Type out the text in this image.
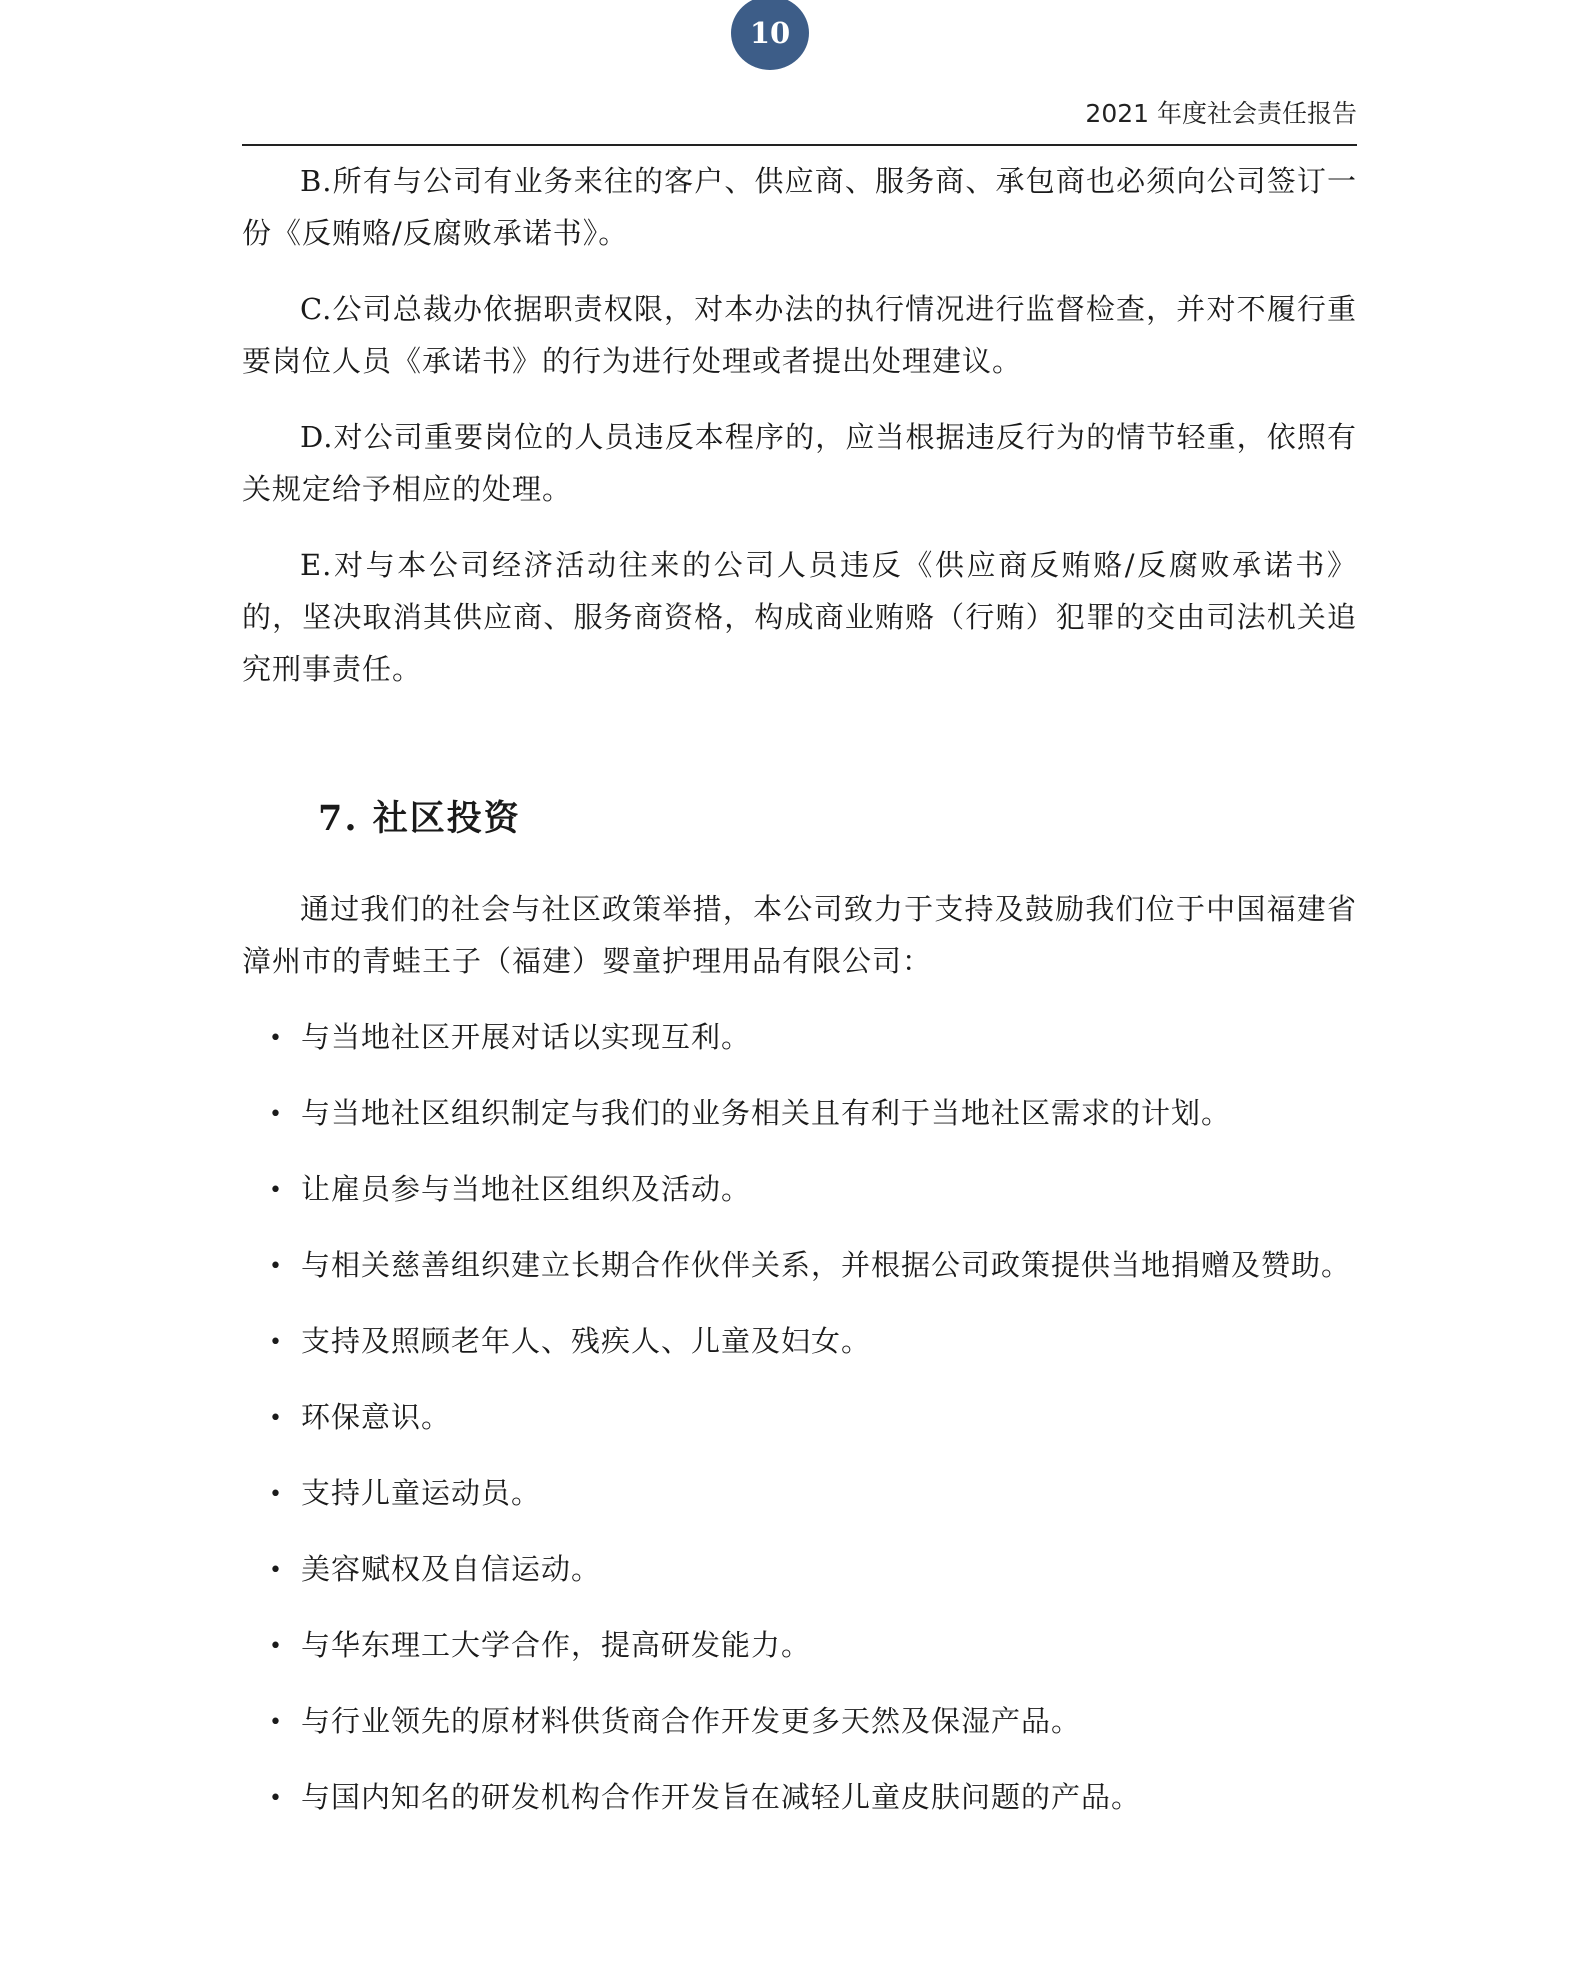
10
2021 年度社会责任报告

B.所有与公司有业务来往的客户、供应商、服务商、承包商也必须向公司签订一份《反贿赂/反腐败承诺书》。

C.公司总裁办依据职责权限，对本办法的执行情况进行监督检查，并对不履行重要岗位人员《承诺书》的行为进行处理或者提出处理建议。

D.对公司重要岗位的人员违反本程序的，应当根据违反行为的情节轻重，依照有关规定给予相应的处理。

E.对与本公司经济活动往来的公司人员违反《供应商反贿赂/反腐败承诺书》的，坚决取消其供应商、服务商资格，构成商业贿赂（行贿）犯罪的交由司法机关追究刑事责任。

7. 社区投资

通过我们的社会与社区政策举措，本公司致力于支持及鼓励我们位于中国福建省漳州市的青蛙王子（福建）婴童护理用品有限公司：

• 与当地社区开展对话以实现互利。
• 与当地社区组织制定与我们的业务相关且有利于当地社区需求的计划。
• 让雇员参与当地社区组织及活动。
• 与相关慈善组织建立长期合作伙伴关系，并根据公司政策提供当地捐赠及赞助。
• 支持及照顾老年人、残疾人、儿童及妇女。
• 环保意识。
• 支持儿童运动员。
• 美容赋权及自信运动。
• 与华东理工大学合作，提高研发能力。
• 与行业领先的原材料供货商合作开发更多天然及保湿产品。
• 与国内知名的研发机构合作开发旨在减轻儿童皮肤问题的产品。
